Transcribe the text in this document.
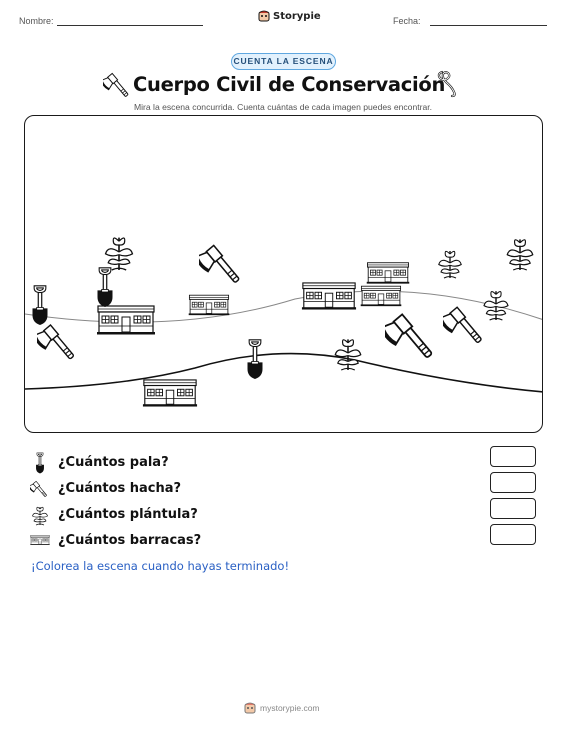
Nombre:	Storypie	Fecha:
CUENTA LA ESCENA
Cuerpo Civil de Conservación
Mira la escena concurrida. Cuenta cuántas de cada imagen puedes encontrar.
¿Cuántos pala?
¿Cuántos hacha?
¿Cuántos plántula?
¿Cuántos barracas?
¡Colorea la escena cuando hayas terminado!
mystorypie.com
